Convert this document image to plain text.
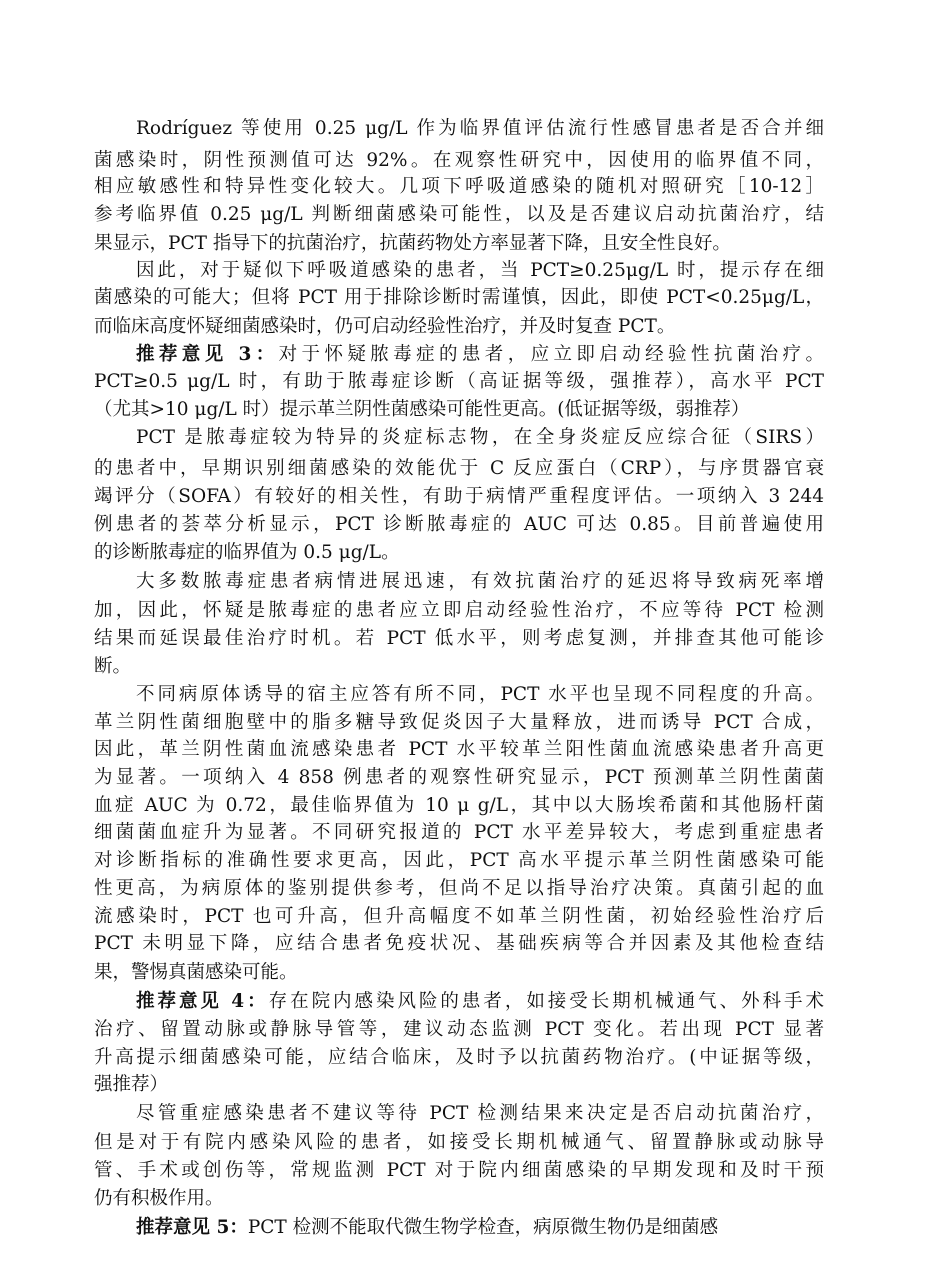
Rodríguez 等使用 0.25 μg/L 作为临界值评估流行性感冒患者是否合并细

菌感染时，阴性预测值可达 92%。在观察性研究中，因使用的临界值不同，

相应敏感性和特异性变化较大。几项下呼吸道感染的随机对照研究［10‑12］

参考临界值 0.25 μg/L 判断细菌感染可能性，以及是否建议启动抗菌治疗，结

果显示，PCT 指导下的抗菌治疗，抗菌药物处方率显著下降，且安全性良好。

因此，对于疑似下呼吸道感染的患者，当 PCT≥0.25μg/L 时，提示存在细

菌感染的可能大；但将 PCT 用于排除诊断时需谨慎，因此，即使 PCT<0.25μg/L，

而临床高度怀疑细菌感染时，仍可启动经验性治疗，并及时复查 PCT。

推荐意见 3：对于怀疑脓毒症的患者，应立即启动经验性抗菌治疗。

PCT≥0.5 μg/L 时，有助于脓毒症诊断（高证据等级，强推荐），高水平 PCT

（尤其>10 μg/L 时）提示革兰阴性菌感染可能性更高。(低证据等级，弱推荐）

PCT 是脓毒症较为特异的炎症标志物，在全身炎症反应综合征（SIRS）

的患者中，早期识别细菌感染的效能优于 C 反应蛋白（CRP），与序贯器官衰

竭评分（SOFA）有较好的相关性，有助于病情严重程度评估。一项纳入 3 244

例患者的荟萃分析显示，PCT 诊断脓毒症的 AUC 可达 0.85。目前普遍使用

的诊断脓毒症的临界值为 0.5 μg/L。

大多数脓毒症患者病情进展迅速，有效抗菌治疗的延迟将导致病死率增

加，因此，怀疑是脓毒症的患者应立即启动经验性治疗，不应等待 PCT 检测

结果而延误最佳治疗时机。若 PCT 低水平，则考虑复测，并排查其他可能诊

断。

不同病原体诱导的宿主应答有所不同，PCT 水平也呈现不同程度的升高。

革兰阴性菌细胞壁中的脂多糖导致促炎因子大量释放，进而诱导 PCT 合成，

因此，革兰阴性菌血流感染患者 PCT 水平较革兰阳性菌血流感染患者升高更

为显著。一项纳入 4 858 例患者的观察性研究显示，PCT 预测革兰阴性菌菌

血症 AUC 为 0.72，最佳临界值为 10 μ g/L，其中以大肠埃希菌和其他肠杆菌

细菌菌血症升为显著。不同研究报道的 PCT 水平差异较大，考虑到重症患者

对诊断指标的准确性要求更高，因此，PCT 高水平提示革兰阴性菌感染可能

性更高，为病原体的鉴别提供参考，但尚不足以指导治疗决策。真菌引起的血

流感染时，PCT 也可升高，但升高幅度不如革兰阴性菌，初始经验性治疗后

PCT 未明显下降，应结合患者免疫状况、基础疾病等合并因素及其他检查结

果，警惕真菌感染可能。

推荐意见 4：存在院内感染风险的患者，如接受长期机械通气、外科手术

治疗、留置动脉或静脉导管等，建议动态监测 PCT 变化。若出现 PCT 显著

升高提示细菌感染可能，应结合临床，及时予以抗菌药物治疗。(中证据等级，

强推荐）

尽管重症感染患者不建议等待 PCT 检测结果来决定是否启动抗菌治疗，

但是对于有院内感染风险的患者，如接受长期机械通气、留置静脉或动脉导

管、手术或创伤等，常规监测 PCT 对于院内细菌感染的早期发现和及时干预

仍有积极作用。

推荐意见 5：PCT 检测不能取代微生物学检查，病原微生物仍是细菌感
